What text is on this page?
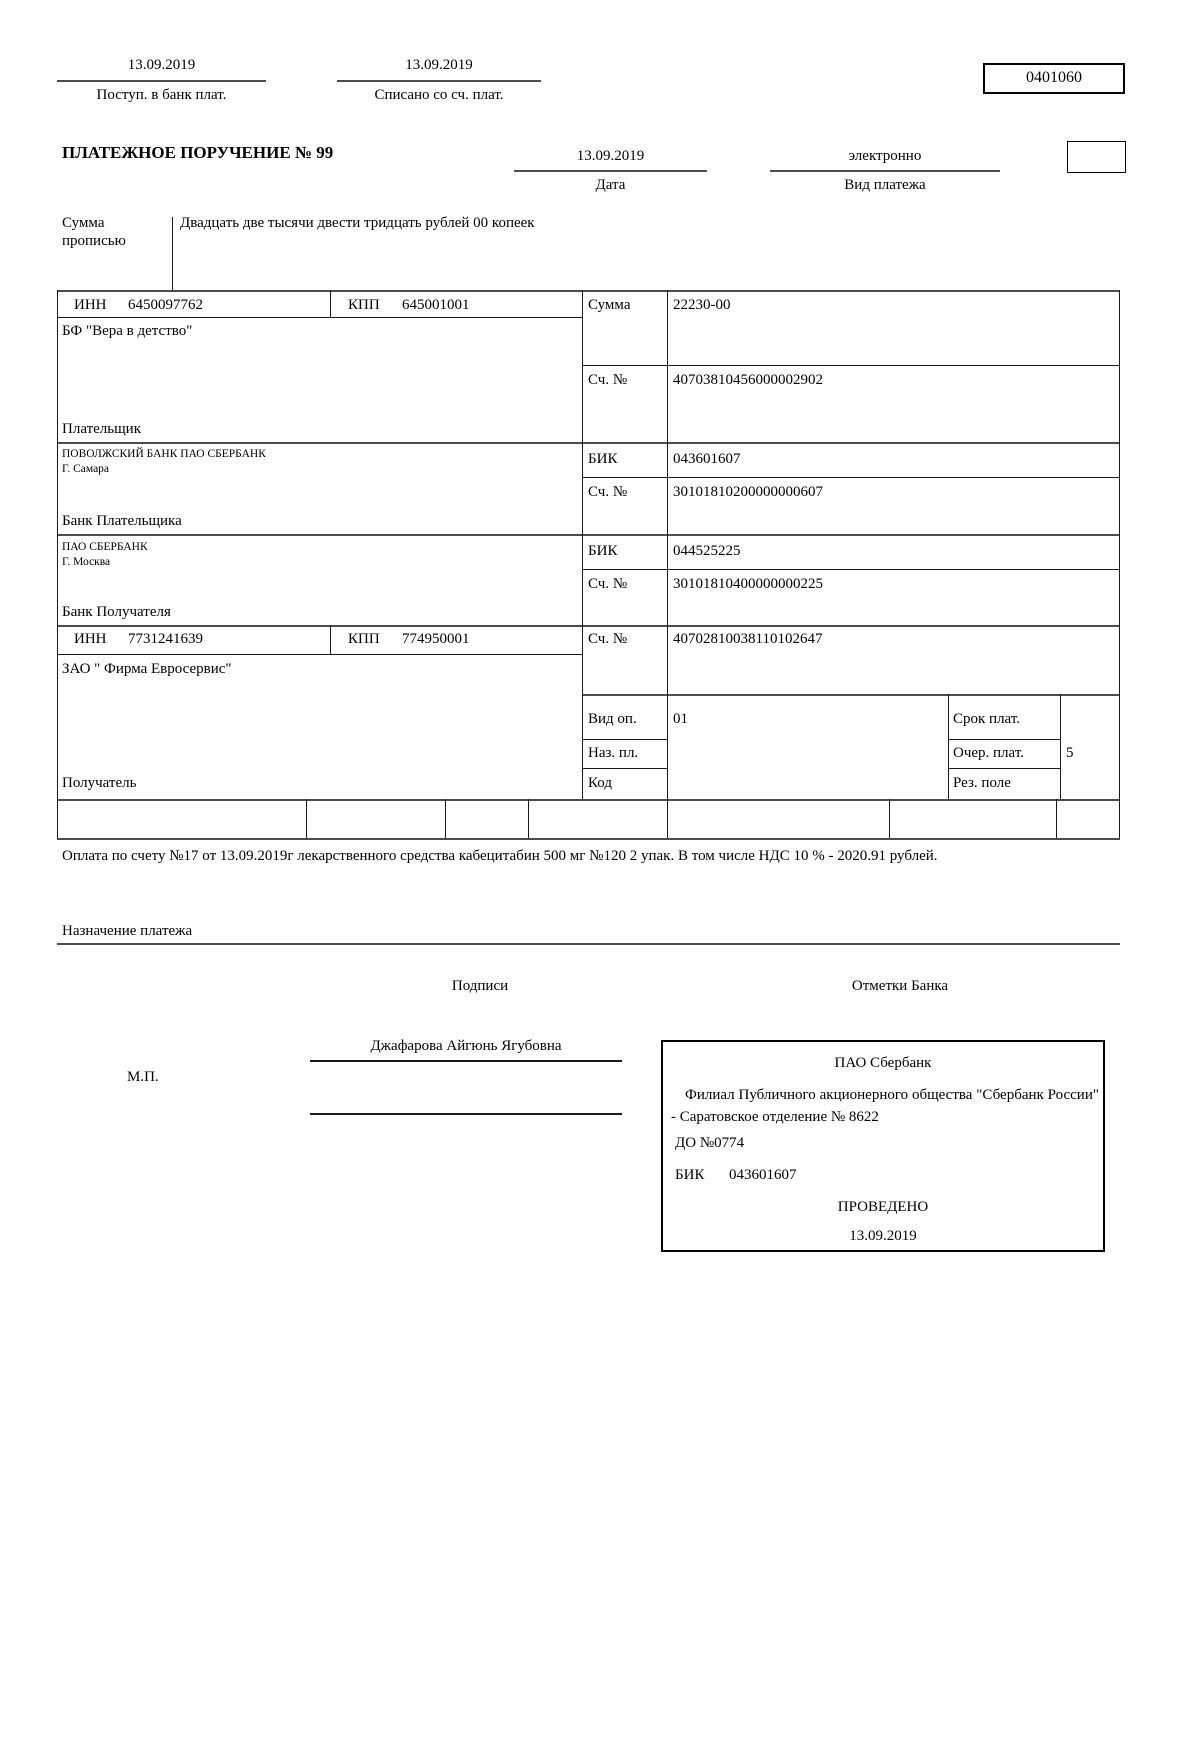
13.09.2019
Поступ. в банк плат.
13.09.2019
Списано со сч. плат.
0401060
ПЛАТЕЖНОЕ ПОРУЧЕНИЕ № 99	13.09.2019
Дата
электронно
Вид платежа
Сумма прописью
Двадцать две тысячи двести тридцать рублей 00 копеек
ИНН 6450097762	КПП 645001001	Сумма	22230-00
БФ "Вера в детство"
Сч. №	40703810456000002902
Плательщик
ПОВОЛЖСКИЙ БАНК ПАО СБЕРБАНК
Г. Самара
БИК	043601607
Сч. №	30101810200000000607
Банк Плательщика
ПАО СБЕРБАНК
Г. Москва
БИК	044525225
Сч. №	30101810400000000225
Банк Получателя
ИНН 7731241639	КПП 774950001	Сч. №	40702810038110102647
ЗАО " Фирма Евросервис"
Вид оп. 01	Срок плат.
Наз. пл.	Очер. плат.	5
Код	Рез. поле
Получатель
Оплата по счету №17 от 13.09.2019г лекарственного средства кабецитабин 500 мг №120 2 упак. В том числе НДС 10 % - 2020.91 рублей.
Назначение платежа
Подписи	Отметки Банка
Джафарова Айгюнь Ягубовна
М.П.
ПАО Сбербанк
Филиал Публичного акционерного общества "Сбербанк России" - Саратовское отделение № 8622
ДО №0774
БИК 043601607
ПРОВЕДЕНО
13.09.2019
